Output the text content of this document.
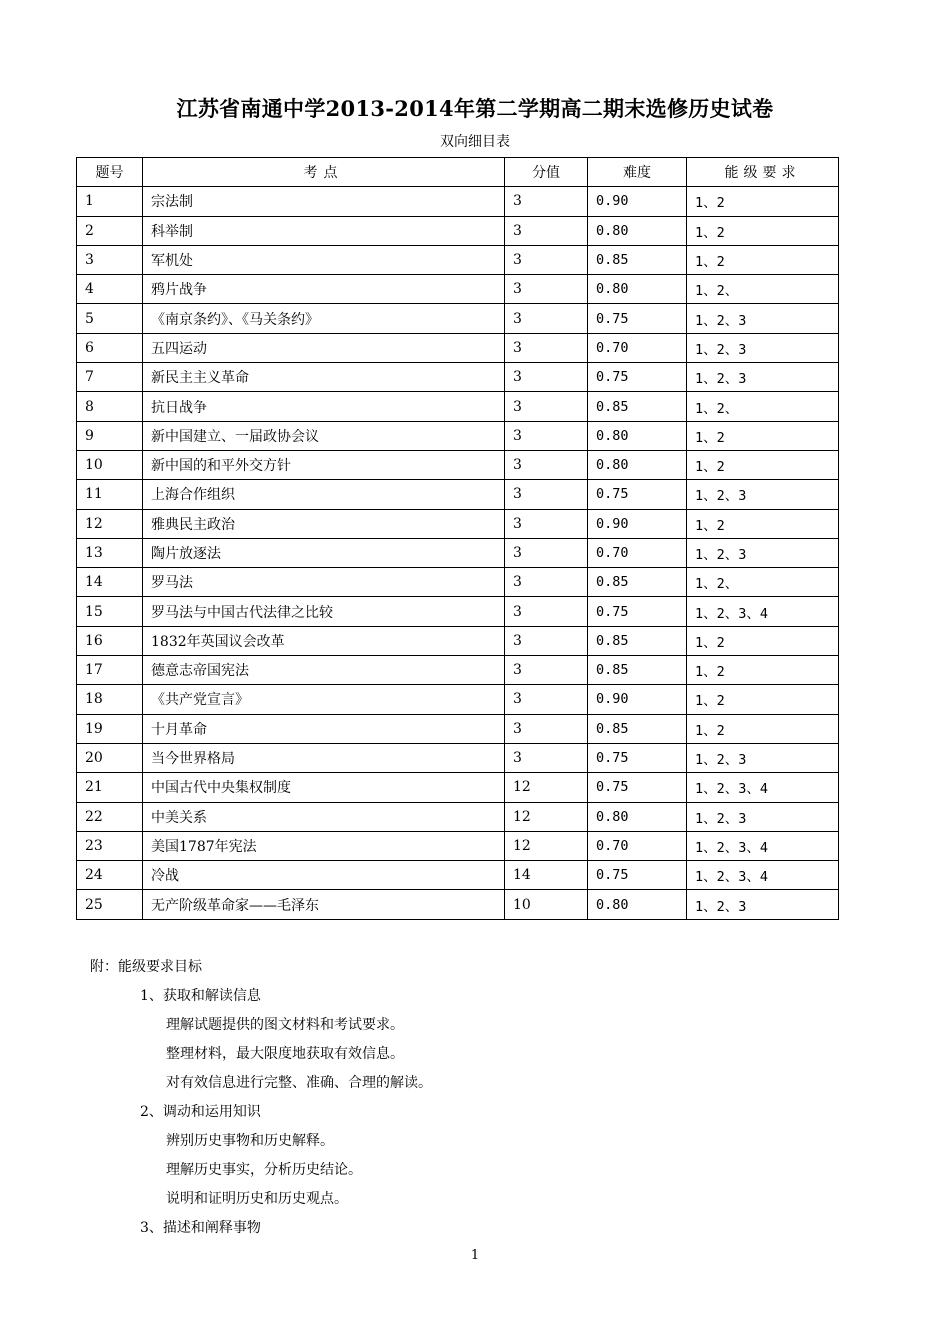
江苏省南通中学2013-2014年第二学期高二期末选修历史试卷
双向细目表
题号	考点	分值	难度	能级要求
1	宗法制	3	0.90	1、2
2	科举制	3	0.80	1、2
3	军机处	3	0.85	1、2
4	鸦片战争	3	0.80	1、2、
5	《南京条约》、《马关条约》	3	0.75	1、2、3
6	五四运动	3	0.70	1、2、3
7	新民主主义革命	3	0.75	1、2、3
8	抗日战争	3	0.85	1、2、
9	新中国建立、一届政协会议	3	0.80	1、2
10	新中国的和平外交方针	3	0.80	1、2
11	上海合作组织	3	0.75	1、2、3
12	雅典民主政治	3	0.90	1、2
13	陶片放逐法	3	0.70	1、2、3
14	罗马法	3	0.85	1、2、
15	罗马法与中国古代法律之比较	3	0.75	1、2、3、4
16	1832年英国议会改革	3	0.85	1、2
17	德意志帝国宪法	3	0.85	1、2
18	《共产党宣言》	3	0.90	1、2
19	十月革命	3	0.85	1、2
20	当今世界格局	3	0.75	1、2、3
21	中国古代中央集权制度	12	0.75	1、2、3、4
22	中美关系	12	0.80	1、2、3
23	美国1787年宪法	12	0.70	1、2、3、4
24	冷战	14	0.75	1、2、3、4
25	无产阶级革命家——毛泽东	10	0.80	1、2、3
附：能级要求目标
1、获取和解读信息
理解试题提供的图文材料和考试要求。
整理材料，最大限度地获取有效信息。
对有效信息进行完整、准确、合理的解读。
2、调动和运用知识
辨别历史事物和历史解释。
理解历史事实，分析历史结论。
说明和证明历史和历史观点。
3、描述和阐释事物
1
